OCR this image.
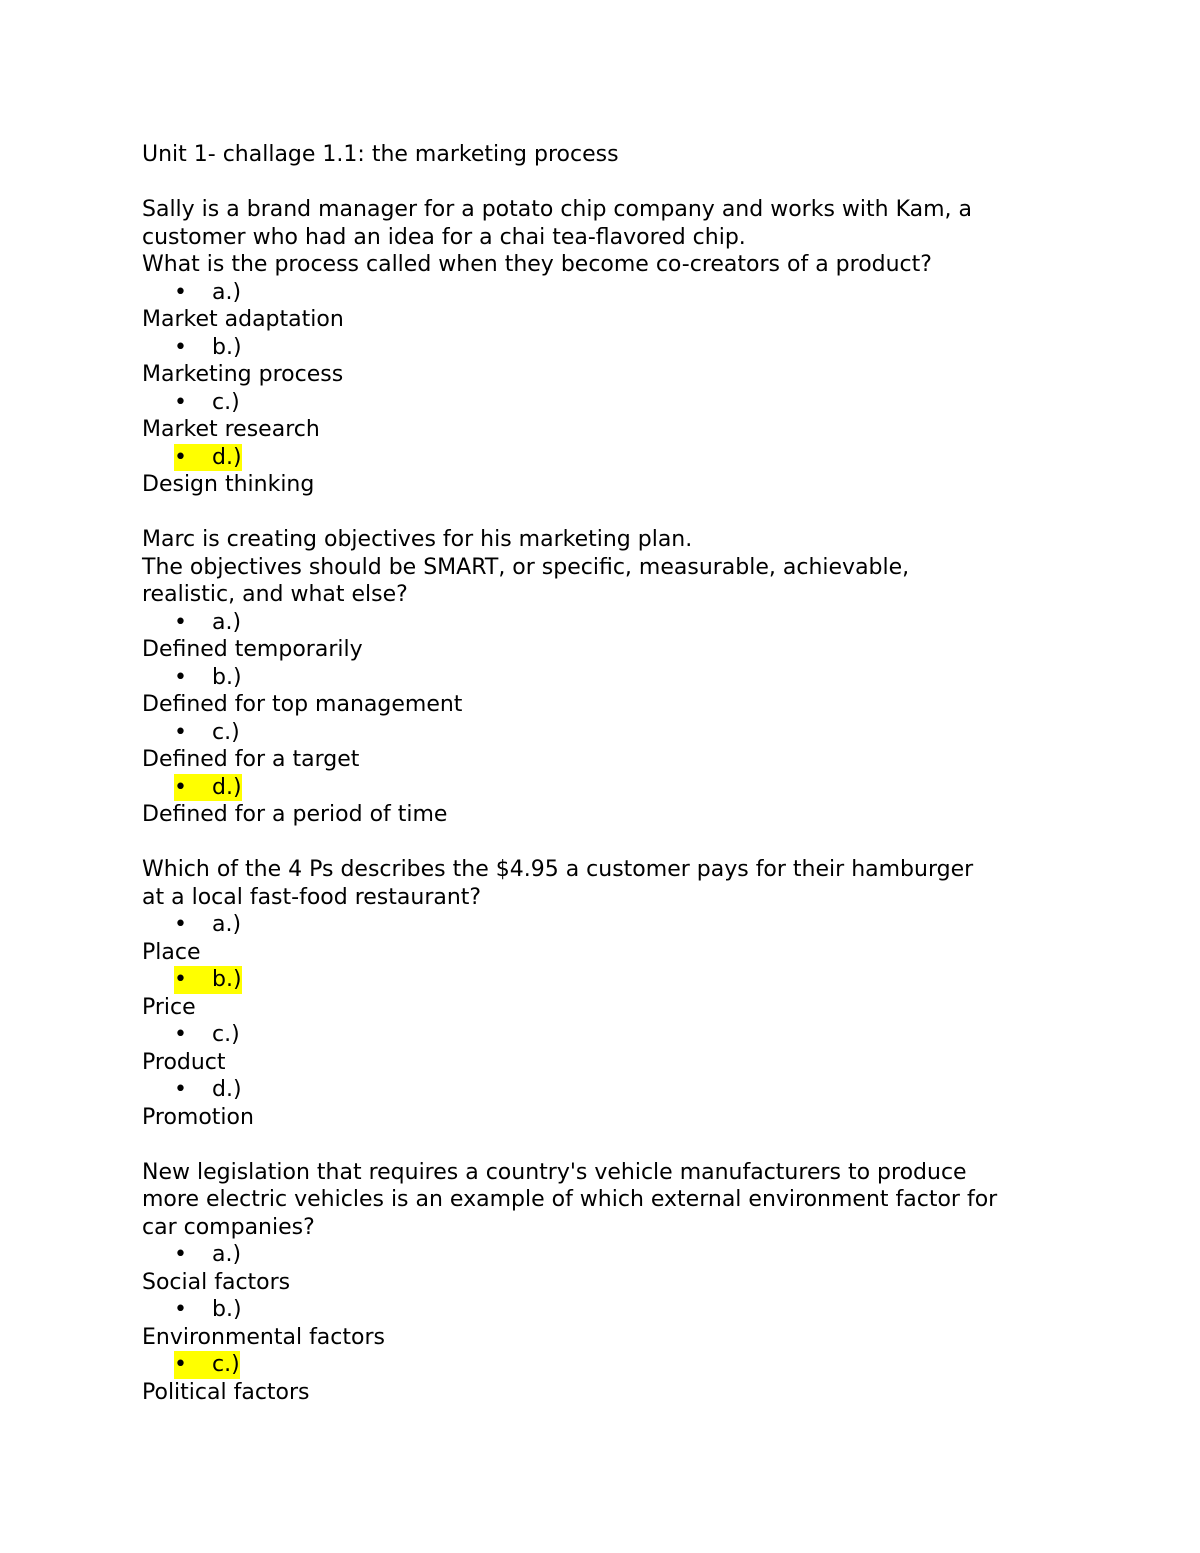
Unit 1- challage 1.1: the marketing process
Sally is a brand manager for a potato chip company and works with Kam, a
customer who had an idea for a chai tea-flavored chip.
What is the process called when they become co-creators of a product?
• a.)
Market adaptation
• b.)
Marketing process
• c.)
Market research
• d.)
Design thinking
Marc is creating objectives for his marketing plan.
The objectives should be SMART, or specific, measurable, achievable,
realistic, and what else?
• a.)
Defined temporarily
• b.)
Defined for top management
• c.)
Defined for a target
• d.)
Defined for a period of time
Which of the 4 Ps describes the $4.95 a customer pays for their hamburger
at a local fast-food restaurant?
• a.)
Place
• b.)
Price
• c.)
Product
• d.)
Promotion
New legislation that requires a country's vehicle manufacturers to produce
more electric vehicles is an example of which external environment factor for
car companies?
• a.)
Social factors
• b.)
Environmental factors
• c.)
Political factors
